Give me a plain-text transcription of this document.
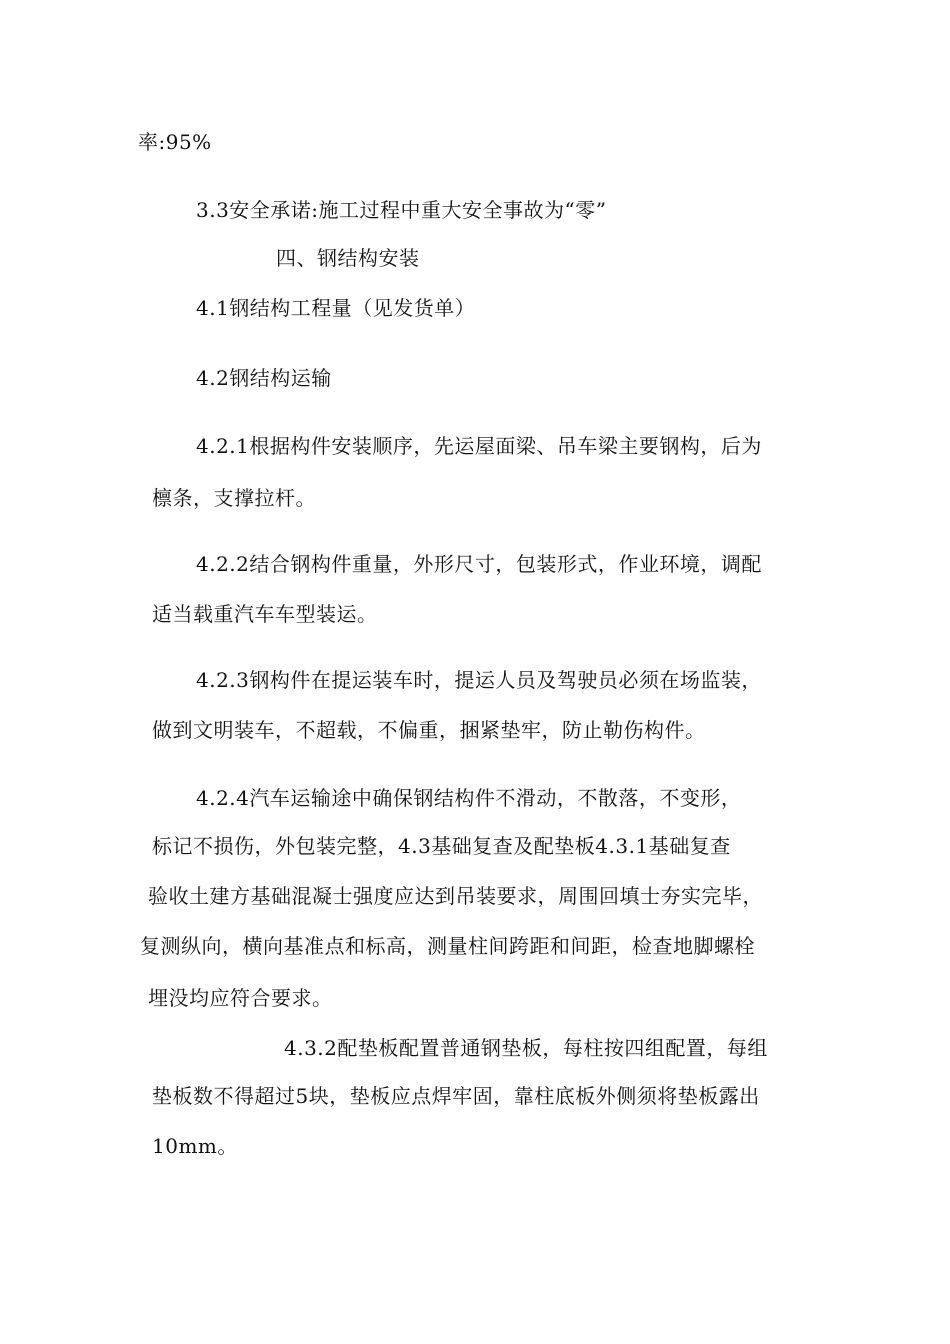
率:95%
3.3安全承诺:施工过程中重大安全事故为“零”
四、钢结构安装
4.1钢结构工程量（见发货单）
4.2钢结构运输
4.2.1根据构件安装顺序，先运屋面梁、吊车梁主要钢构，后为
檩条，支撑拉杆。
4.2.2结合钢构件重量，外形尺寸，包装形式，作业环境，调配
适当载重汽车车型装运。
4.2.3钢构件在提运装车时，提运人员及驾驶员必须在场监装，
做到文明装车，不超载，不偏重，捆紧垫牢，防止勒伤构件。
4.2.4汽车运输途中确保钢结构件不滑动，不散落，不变形，
标记不损伤，外包装完整，4.3基础复查及配垫板4.3.1基础复查
验收土建方基础混凝士强度应达到吊装要求，周围回填士夯实完毕，
复测纵向，横向基准点和标高，测量柱间跨距和间距，检查地脚螺栓
埋没均应符合要求。
4.3.2配垫板配置普通钢垫板，每柱按四组配置，每组
垫板数不得超过5块，垫板应点焊牢固，靠柱底板外侧须将垫板露出
10mm。
